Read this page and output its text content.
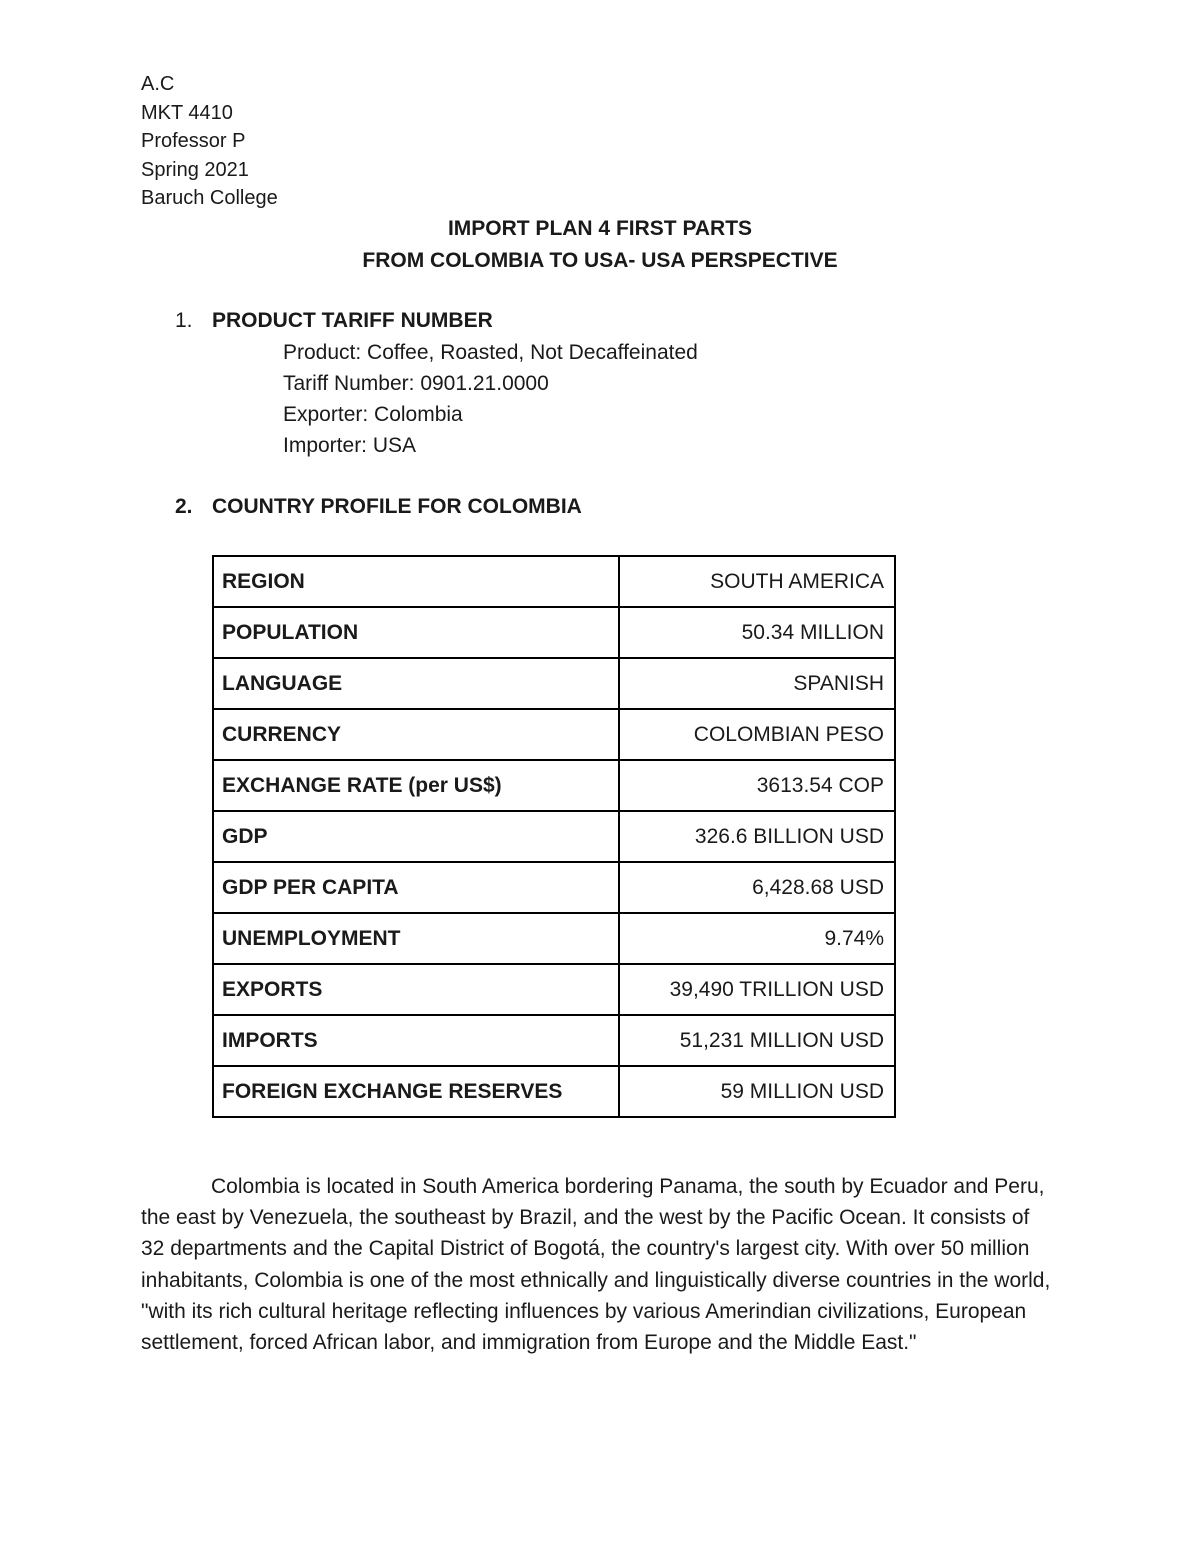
A.C
MKT 4410
Professor P
Spring 2021
Baruch College
IMPORT PLAN 4 FIRST PARTS
FROM COLOMBIA TO USA- USA PERSPECTIVE
1. PRODUCT TARIFF NUMBER
Product: Coffee, Roasted, Not Decaffeinated
Tariff Number: 0901.21.0000
Exporter: Colombia
Importer: USA
2. COUNTRY PROFILE FOR COLOMBIA
REGION	SOUTH AMERICA
POPULATION	50.34 MILLION
LANGUAGE	SPANISH
CURRENCY	COLOMBIAN PESO
EXCHANGE RATE (per US$)	3613.54 COP
GDP	326.6 BILLION USD
GDP PER CAPITA	6,428.68 USD
UNEMPLOYMENT	9.74%
EXPORTS	39,490 TRILLION USD
IMPORTS	51,231 MILLION USD
FOREIGN EXCHANGE RESERVES	59 MILLION USD

Colombia is located in South America bordering Panama, the south by Ecuador and Peru, the east by Venezuela, the southeast by Brazil, and the west by the Pacific Ocean. It consists of 32 departments and the Capital District of Bogotá, the country's largest city. With over 50 million inhabitants, Colombia is one of the most ethnically and linguistically diverse countries in the world, "with its rich cultural heritage reflecting influences by various Amerindian civilizations, European settlement, forced African labor, and immigration from Europe and the Middle East."
